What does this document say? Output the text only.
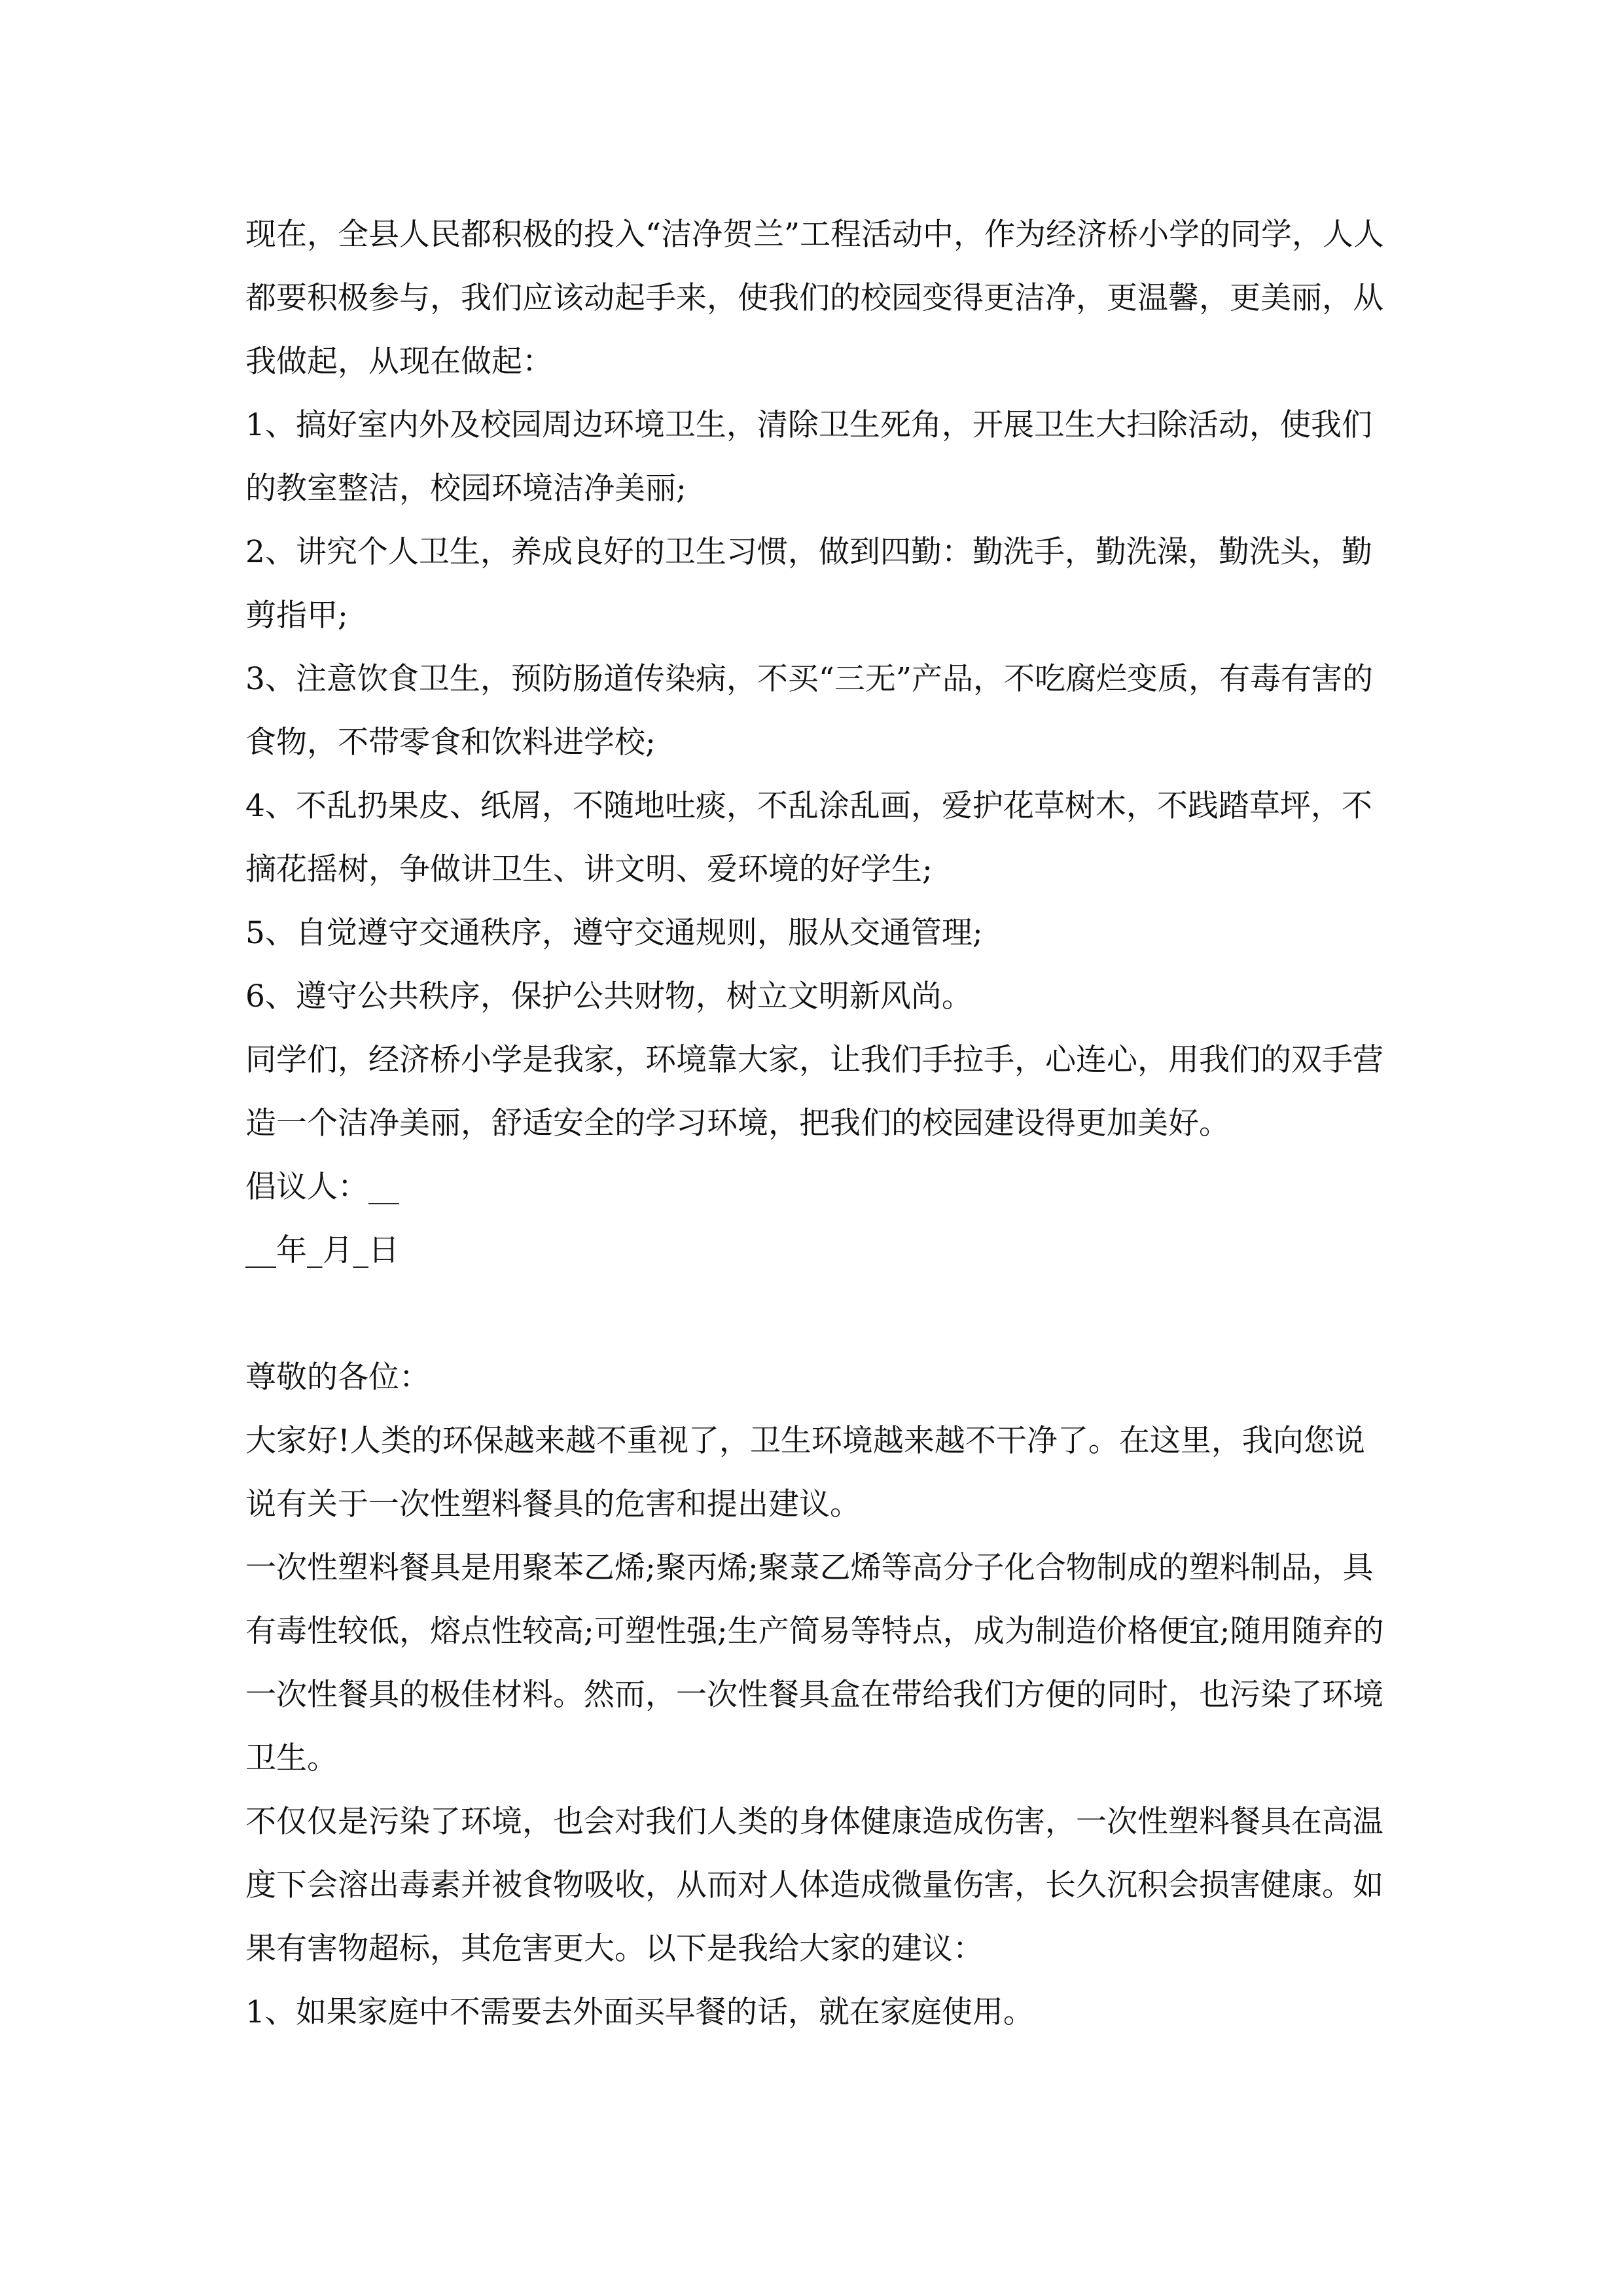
现在，全县人民都积极的投入“洁净贺兰”工程活动中，作为经济桥小学的同学，人人都要积极参与，我们应该动起手来，使我们的校园变得更洁净，更温馨，更美丽，从我做起，从现在做起：

1、搞好室内外及校园周边环境卫生，清除卫生死角，开展卫生大扫除活动，使我们的教室整洁，校园环境洁净美丽;

2、讲究个人卫生，养成良好的卫生习惯，做到四勤：勤洗手，勤洗澡，勤洗头，勤剪指甲;

3、注意饮食卫生，预防肠道传染病，不买“三无”产品，不吃腐烂变质，有毒有害的食物，不带零食和饮料进学校;

4、不乱扔果皮、纸屑，不随地吐痰，不乱涂乱画，爱护花草树木，不践踏草坪，不摘花摇树，争做讲卫生、讲文明、爱环境的好学生;

5、自觉遵守交通秩序，遵守交通规则，服从交通管理;

6、遵守公共秩序，保护公共财物，树立文明新风尚。

同学们，经济桥小学是我家，环境靠大家，让我们手拉手，心连心，用我们的双手营造一个洁净美丽，舒适安全的学习环境，把我们的校园建设得更加美好。

倡议人：__

__年_月_日

尊敬的各位：

大家好!人类的环保越来越不重视了，卫生环境越来越不干净了。在这里，我向您说说有关于一次性塑料餐具的危害和提出建议。

一次性塑料餐具是用聚苯乙烯;聚丙烯;聚菉乙烯等高分子化合物制成的塑料制品，具有毒性较低，熔点性较高;可塑性强;生产简易等特点，成为制造价格便宜;随用随弃的一次性餐具的极佳材料。然而，一次性餐具盒在带给我们方便的同时，也污染了环境卫生。

不仅仅是污染了环境，也会对我们人类的身体健康造成伤害，一次性塑料餐具在高温度下会溶出毒素并被食物吸收，从而对人体造成微量伤害，长久沉积会损害健康。如果有害物超标，其危害更大。以下是我给大家的建议：

1、如果家庭中不需要去外面买早餐的话，就在家庭使用。
